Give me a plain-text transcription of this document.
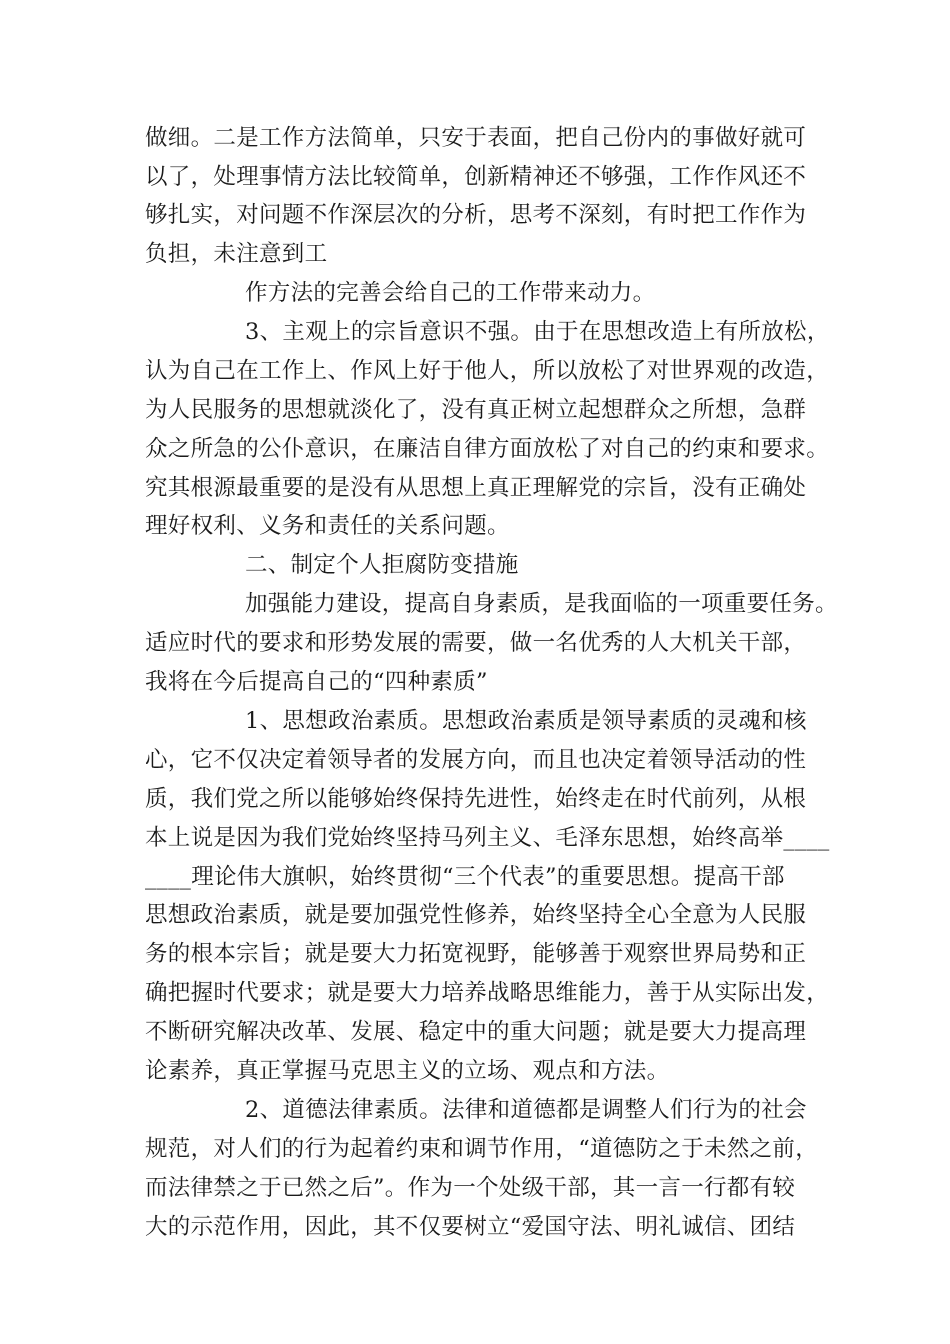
做细。二是工作方法简单，只安于表面，把自己份内的事做好就可
以了，处理事情方法比较简单，创新精神还不够强，工作作风还不
够扎实，对问题不作深层次的分析，思考不深刻，有时把工作作为
负担，未注意到工
作方法的完善会给自己的工作带来动力。
3、主观上的宗旨意识不强。由于在思想改造上有所放松，
认为自己在工作上、作风上好于他人，所以放松了对世界观的改造，
为人民服务的思想就淡化了，没有真正树立起想群众之所想，急群
众之所急的公仆意识，在廉洁自律方面放松了对自己的约束和要求。
究其根源最重要的是没有从思想上真正理解党的宗旨，没有正确处
理好权利、义务和责任的关系问题。
二、制定个人拒腐防变措施
加强能力建设，提高自身素质，是我面临的一项重要任务。
适应时代的要求和形势发展的需要，做一名优秀的人大机关干部，
我将在今后提高自己的“四种素质”
1、思想政治素质。思想政治素质是领导素质的灵魂和核
心，它不仅决定着领导者的发展方向，而且也决定着领导活动的性
质，我们党之所以能够始终保持先进性，始终走在时代前列，从根
本上说是因为我们党始终坚持马列主义、毛泽东思想，始终高举____
____理论伟大旗帜，始终贯彻“三个代表”的重要思想。提高干部
思想政治素质，就是要加强党性修养，始终坚持全心全意为人民服
务的根本宗旨；就是要大力拓宽视野，能够善于观察世界局势和正
确把握时代要求；就是要大力培养战略思维能力，善于从实际出发，
不断研究解决改革、发展、稳定中的重大问题；就是要大力提高理
论素养，真正掌握马克思主义的立场、观点和方法。
2、道德法律素质。法律和道德都是调整人们行为的社会
规范，对人们的行为起着约束和调节作用，“道德防之于未然之前，
而法律禁之于已然之后”。作为一个处级干部，其一言一行都有较
大的示范作用，因此，其不仅要树立“爱国守法、明礼诚信、团结
